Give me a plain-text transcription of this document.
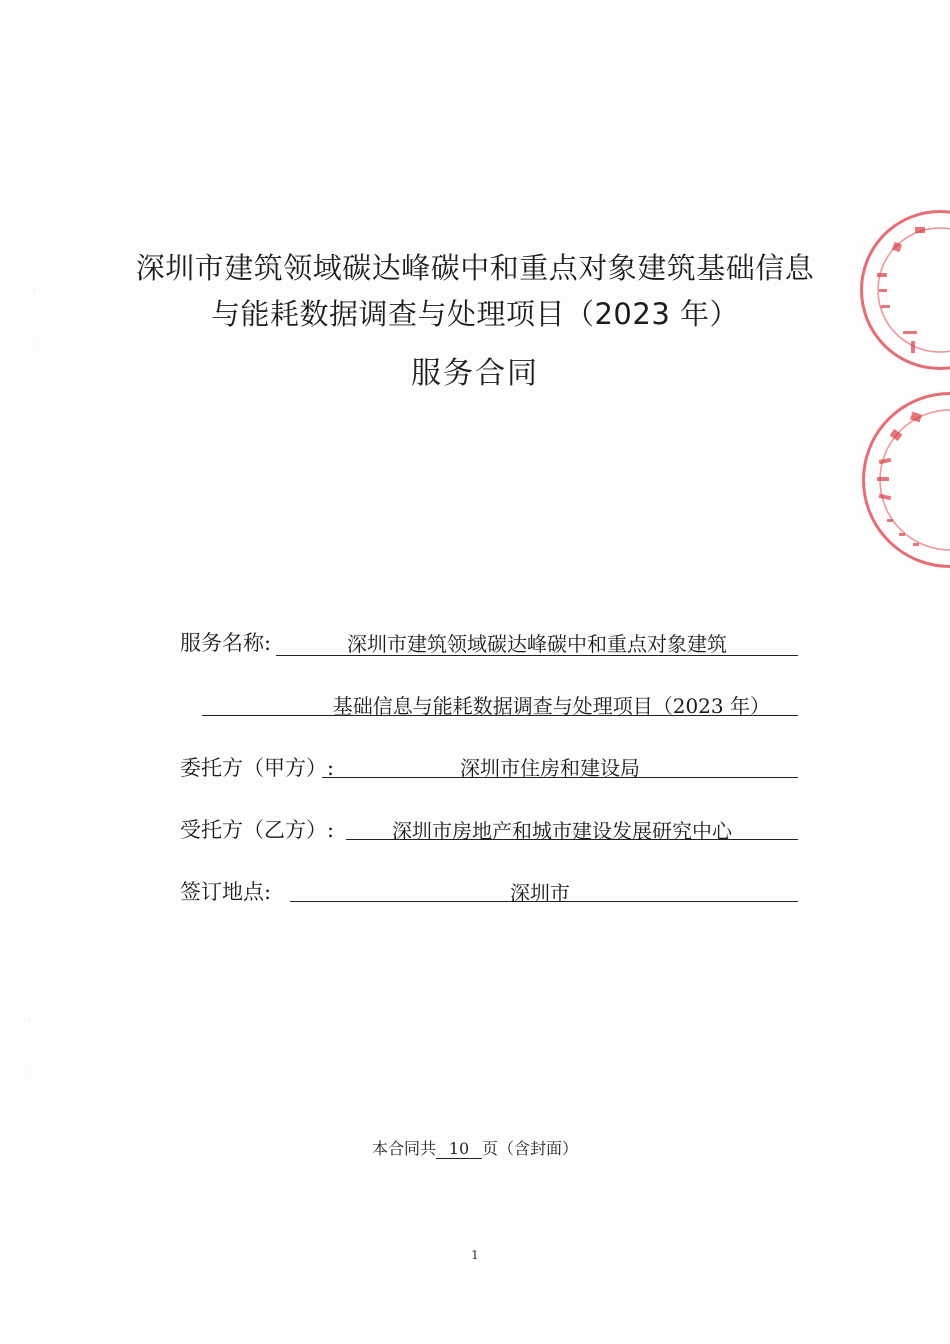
深圳市建筑领域碳达峰碳中和重点对象建筑基础信息
与能耗数据调查与处理项目（2023 年）
服务合同
服务名称:	深圳市建筑领域碳达峰碳中和重点对象建筑
基础信息与能耗数据调查与处理项目（2023 年）
委托方（甲方）:	深圳市住房和建设局
受托方（乙方）:	深圳市房地产和城市建设发展研究中心
签订地点:	深圳市
本合同共 10 页（含封面）
1
·
·
·
·
